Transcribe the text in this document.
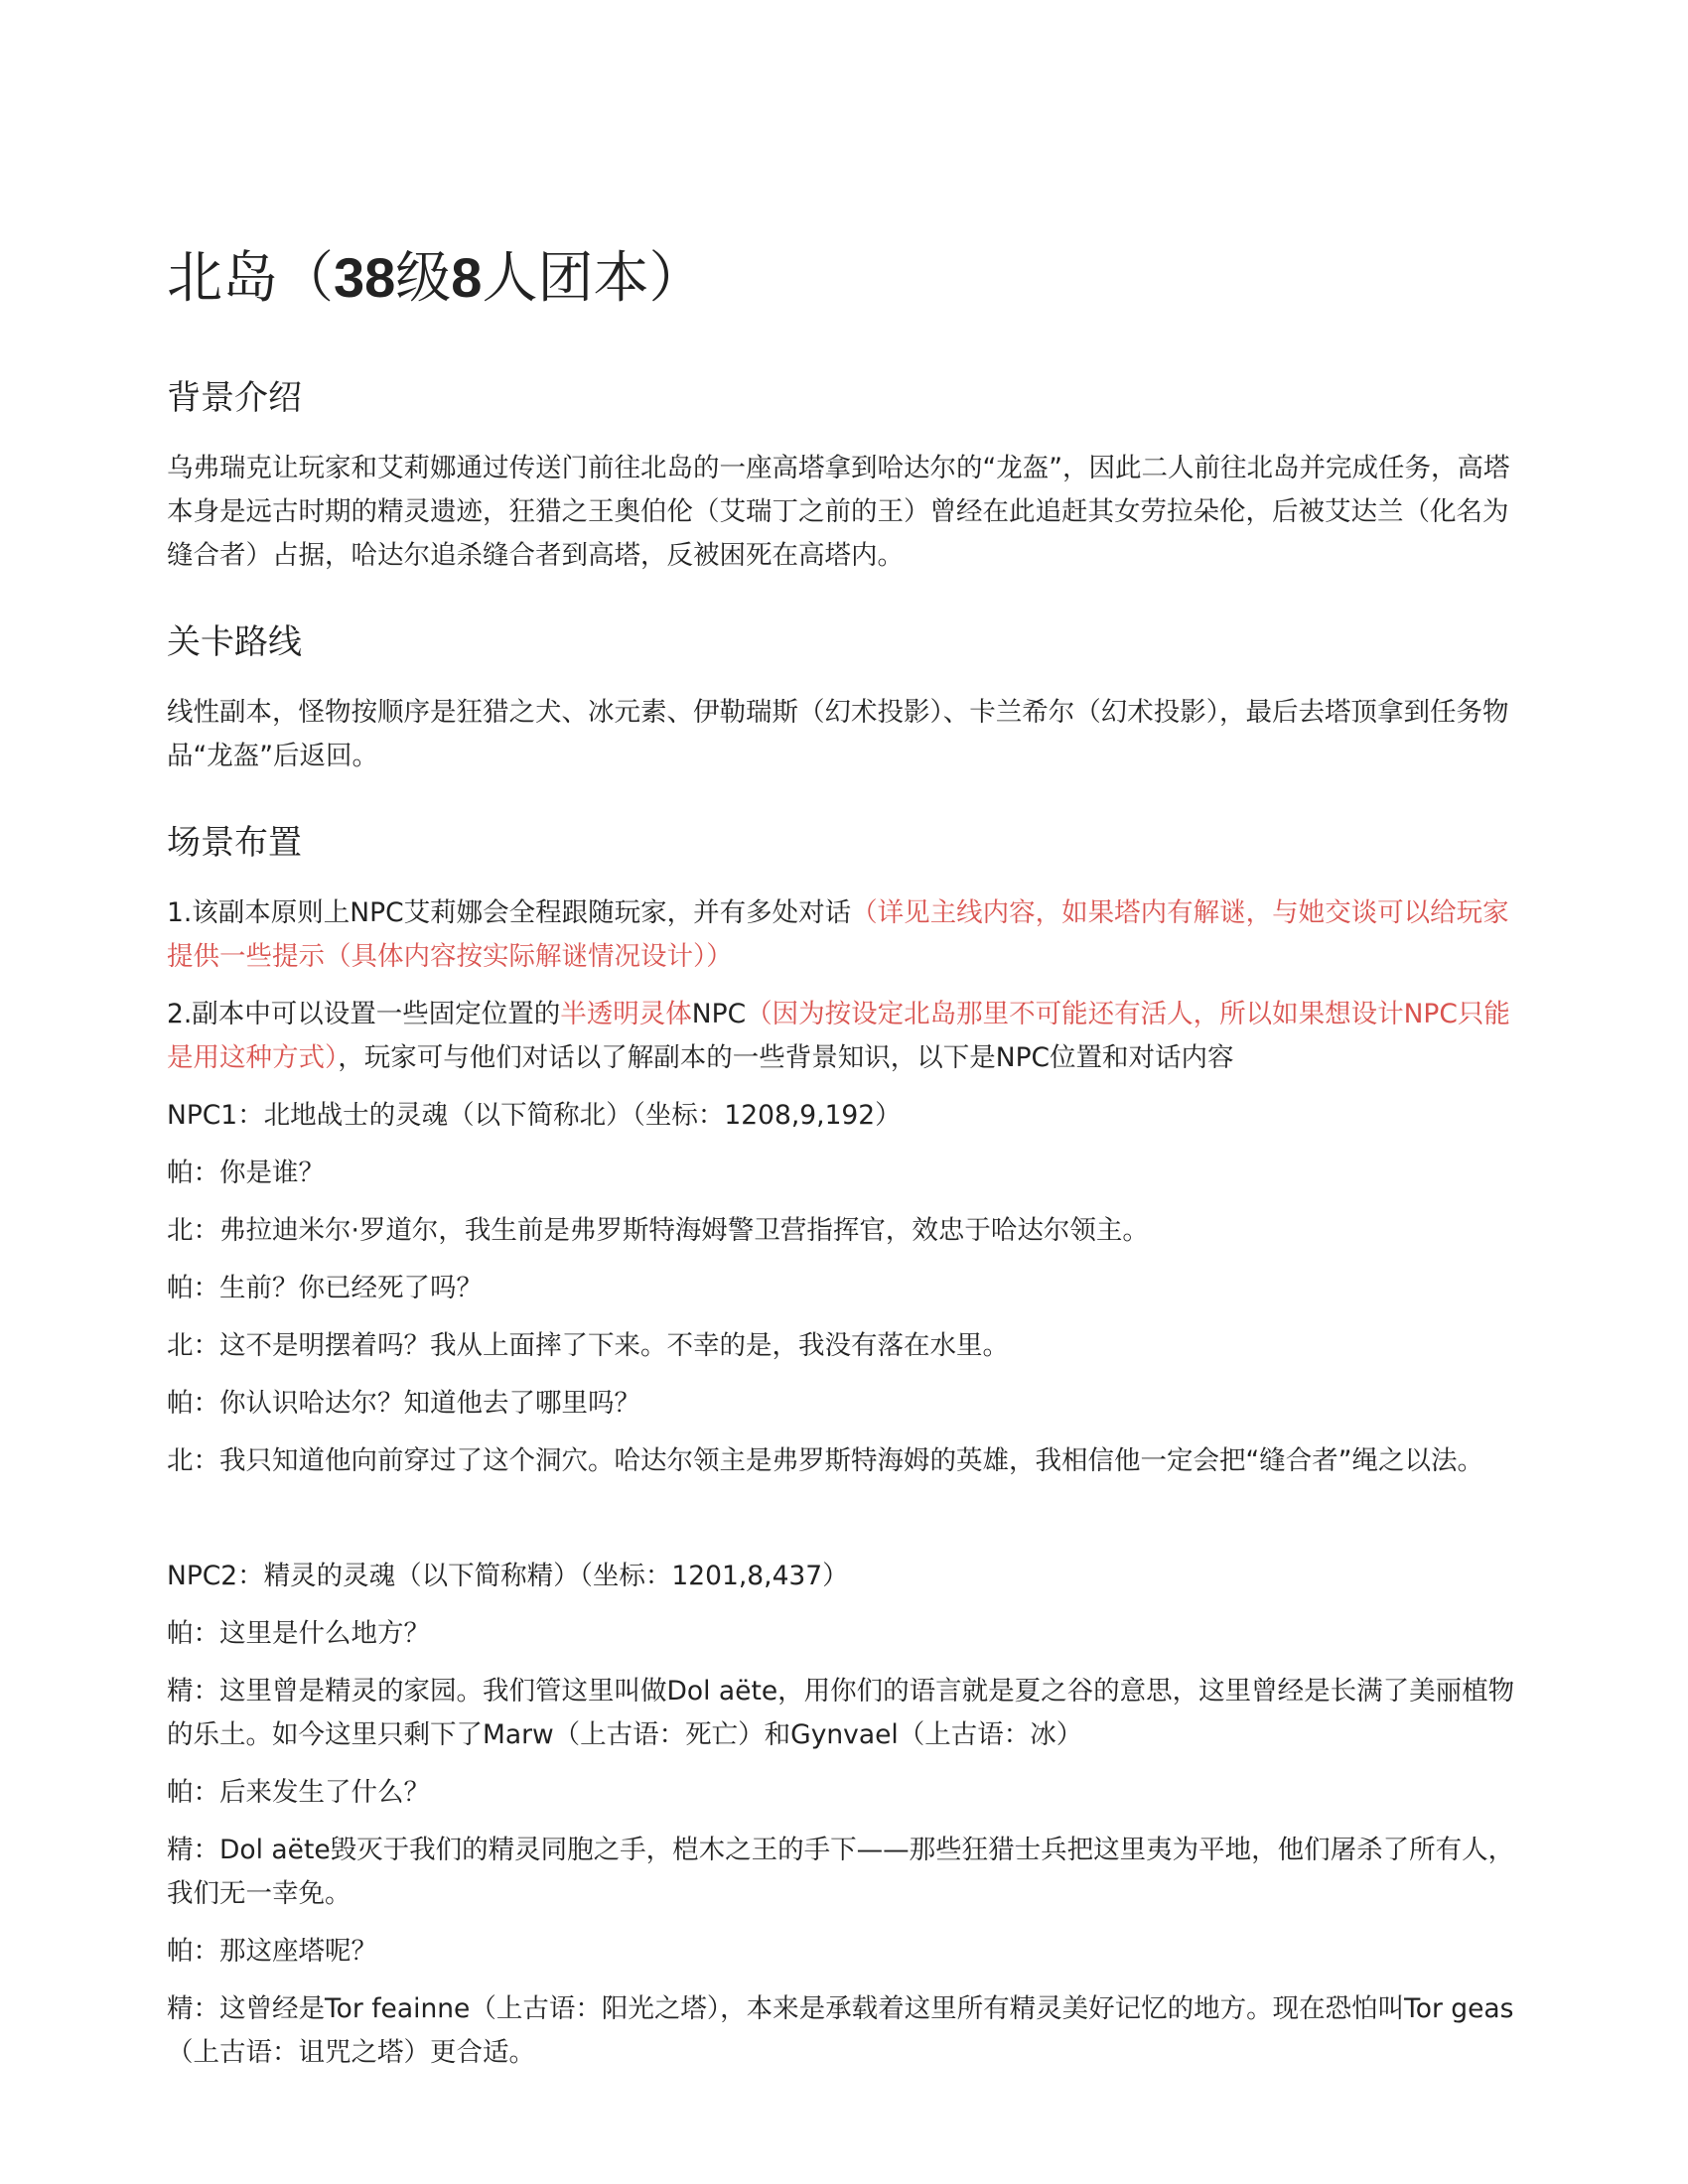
北岛（38级8人团本）
背景介绍

乌弗瑞克让玩家和艾莉娜通过传送门前往北岛的一座高塔拿到哈达尔的“龙盔”，因此二人前往北岛并完成任务，高塔本身是远古时期的精灵遗迹，狂猎之王奥伯伦（艾瑞丁之前的王）曾经在此追赶其女劳拉朵伦，后被艾达兰（化名为缝合者）占据，哈达尔追杀缝合者到高塔，反被困死在高塔内。

关卡路线

线性副本，怪物按顺序是狂猎之犬、冰元素、伊勒瑞斯（幻术投影）、卡兰希尔（幻术投影），最后去塔顶拿到任务物品“龙盔”后返回。

场景布置

1.该副本原则上NPC艾莉娜会全程跟随玩家，并有多处对话（详见主线内容，如果塔内有解谜，与她交谈可以给玩家提供一些提示（具体内容按实际解谜情况设计））

2.副本中可以设置一些固定位置的半透明灵体NPC（因为按设定北岛那里不可能还有活人，所以如果想设计NPC只能是用这种方式），玩家可与他们对话以了解副本的一些背景知识，以下是NPC位置和对话内容

NPC1：北地战士的灵魂（以下简称北）（坐标：1208,9,192）

帕：你是谁？

北：弗拉迪米尔·罗道尔，我生前是弗罗斯特海姆警卫营指挥官，效忠于哈达尔领主。

帕：生前？你已经死了吗？

北：这不是明摆着吗？我从上面摔了下来。不幸的是，我没有落在水里。

帕：你认识哈达尔？知道他去了哪里吗？

北：我只知道他向前穿过了这个洞穴。哈达尔领主是弗罗斯特海姆的英雄，我相信他一定会把“缝合者”绳之以法。

NPC2：精灵的灵魂（以下简称精）（坐标：1201,8,437）

帕：这里是什么地方？

精：这里曾是精灵的家园。我们管这里叫做Dol aëte，用你们的语言就是夏之谷的意思，这里曾经是长满了美丽植物的乐土。如今这里只剩下了Marw（上古语：死亡）和Gynvael（上古语：冰）

帕：后来发生了什么？

精：Dol aëte毁灭于我们的精灵同胞之手，桤木之王的手下——那些狂猎士兵把这里夷为平地，他们屠杀了所有人，我们无一幸免。

帕：那这座塔呢？

精：这曾经是Tor feainne（上古语：阳光之塔），本来是承载着这里所有精灵美好记忆的地方。现在恐怕叫Tor geas（上古语：诅咒之塔）更合适。
